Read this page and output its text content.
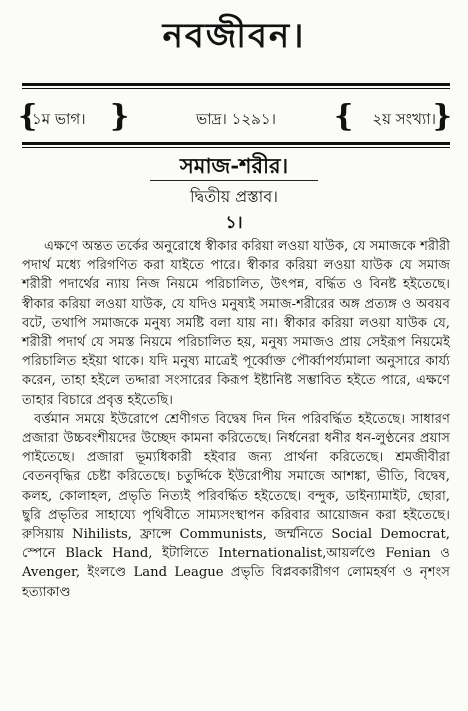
নবজীবন।
{
১ম ভাগ। }	ভাদ্র। ১২৯১।	{ ২য় সংখ্যা।
}
সমাজ-শরীর।
দ্বিতীয় প্রস্তাব।
১।

এক্ষণে অন্তত তর্কের অনুরোধে স্বীকার করিয়া লওয়া যাউক, যে সমাজকে শরীরী পদার্থ মধ্যে পরিগণিত করা যাইতে পারে। স্বীকার করিয়া লওয়া যাউক যে সমাজ শরীরী পদার্থের ন্যায় নিজ নিয়মে পরিচালিত, উৎপন্ন, বর্দ্ধিত ও বিনষ্ট হইতেছে। স্বীকার করিয়া লওয়া যাউক, যে যদিও মনুষ্যই সমাজ-শরীরের অঙ্গ প্রত্যঙ্গ ও অবয়ব বটে, তথাপি সমাজকে মনুষ্য সমষ্টি বলা যায় না। স্বীকার করিয়া লওয়া যাউক যে, শরীরী পদার্থ যে সমস্ত নিয়মে পরিচালিত হয়, মনুষ্য সমাজও প্রায় সেইরূপ নিয়মেই পরিচালিত হইয়া থাকে। যদি মনুষ্য মাত্রেই পূর্ব্বোক্ত পৌর্ব্বাপর্য্যমালা অনুসারে কার্য্য করেন, তাহা হইলে তদ্দারা সংসারের কিরূপ ইষ্টানিষ্ট সম্ভাবিত হইতে পারে, এক্ষণে তাহার বিচারে প্রবৃত্ত হইতেছি।

বর্ত্তমান সময়ে ইউরোপে শ্রেণীগত বিদ্বেষ দিন দিন পরিবর্দ্ধিত হইতেছে। সাধারণ প্রজারা উচ্চবংশীয়দের উচ্ছেদ কামনা করিতেছে। নির্ধনেরা ধনীর ধন-লুণ্ঠনের প্রয়াস পাইতেছে। প্রজারা ভূম্যধিকারী হইবার জন্য প্রার্থনা করিতেছে। শ্রমজীবীরা বেতনবৃদ্ধির চেষ্টা করিতেছে। চতুর্দ্দিকে ইউরোপীয় সমাজে আশঙ্কা, ভীতি, বিদ্বেষ, কলহ, কোলাহল, প্রভৃতি নিত্যই পরিবর্দ্ধিত হইতেছে। বন্দুক, ডাইন্যামাইট, ছোরা, ছুরি প্রভৃতির সাহায্যে পৃথিবীতে সাম্যসংস্থাপন করিবার আয়োজন করা হইতেছে। রুসিয়ায় Nihilists, ফ্রান্সে Communists, জর্ম্মনিতে Social Democrat, স্পেনে Black Hand, ইটালিতে Internationalist,আয়র্লণ্ডে Fenian ও Avenger, ইংলণ্ডে Land League প্রভৃতি বিপ্লবকারীগণ লোমহর্ষণ ও নৃশংস হত্যাকাণ্ড
